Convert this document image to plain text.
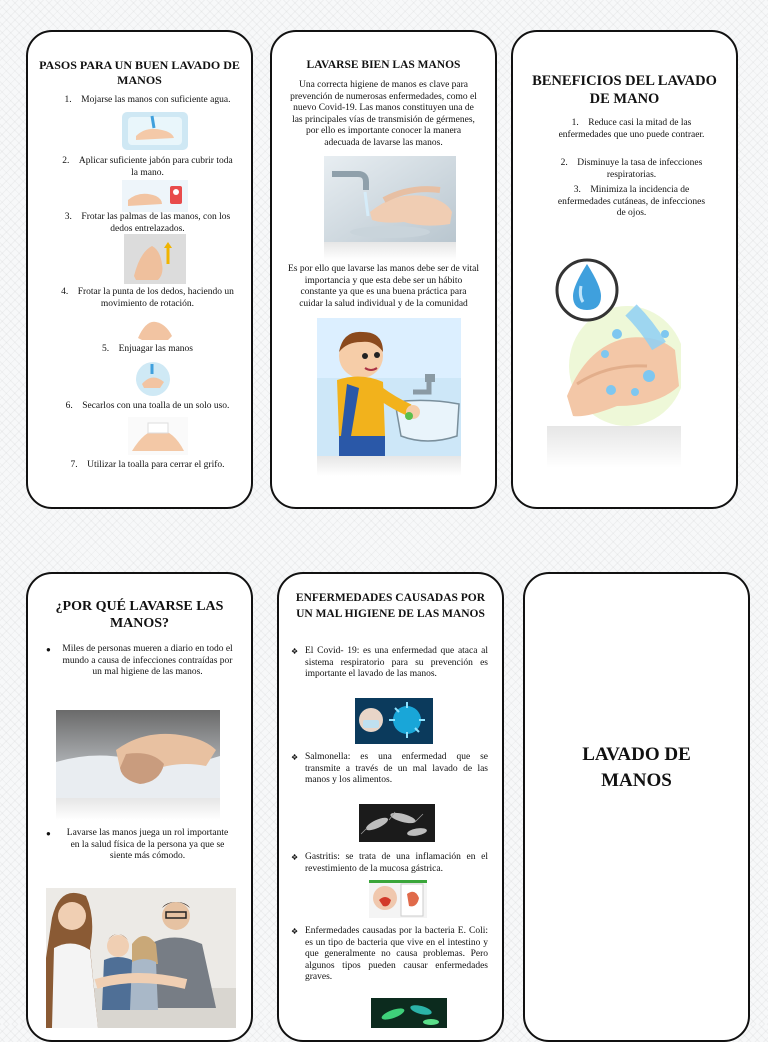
PASOS PARA UN BUEN LAVADO DE MANOS
1.    Mojarse las manos con suficiente agua.
2.    Aplicar suficiente jabón para cubrir toda la mano.
3.    Frotar las palmas de las manos, con los dedos entrelazados.
4.    Frotar la punta de los dedos, haciendo un movimiento de rotación.
5.    Enjuagar las manos
6.    Secarlos con una toalla de un solo uso.
7.    Utilizar la toalla para cerrar el grifo.
LAVARSE BIEN LAS MANOS
Una correcta higiene de manos es clave para prevención de numerosas enfermedades, como el nuevo Covid-19. Las manos constituyen una de las principales vías de transmisión de gérmenes, por ello es importante conocer la manera adecuada de lavarse las manos.
Es por ello que lavarse las manos debe ser de vital importancia y que esta debe ser un hábito constante ya que es una buena práctica para cuidar la salud individual y de la comunidad
BENEFICIOS DEL LAVADO DE MANO
1.    Reduce casi la mitad de las enfermedades que uno puede contraer.
2.    Disminuye la tasa de infecciones respiratorias.
3.    Minimiza la incidencia de enfermedades cutáneas, de infecciones de ojos.
¿POR QUÉ LAVARSE LAS MANOS?
● Miles de personas mueren a diario en todo el mundo a causa de infecciones contraídas por un mal higiene de las manos.
●	Lavarse las manos juega un rol importante en la salud física de la persona ya que se siente más cómodo.
ENFERMEDADES CAUSADAS POR UN MAL HIGIENE DE LAS MANOS
❖ El Covid- 19: es una enfermedad que ataca al sistema respiratorio para su prevención es importante el lavado de las manos.
❖ Salmonella: es una enfermedad que se transmite a través de un mal lavado de las manos y los alimentos.
❖ Gastritis: se trata de una inflamación en el revestimiento de la mucosa gástrica.
❖ Enfermedades causadas por la bacteria E. Coli: es un tipo de bacteria que vive en el intestino y que generalmente no causa problemas. Pero algunos tipos pueden causar enfermedades graves.
LAVADO DE MANOS
